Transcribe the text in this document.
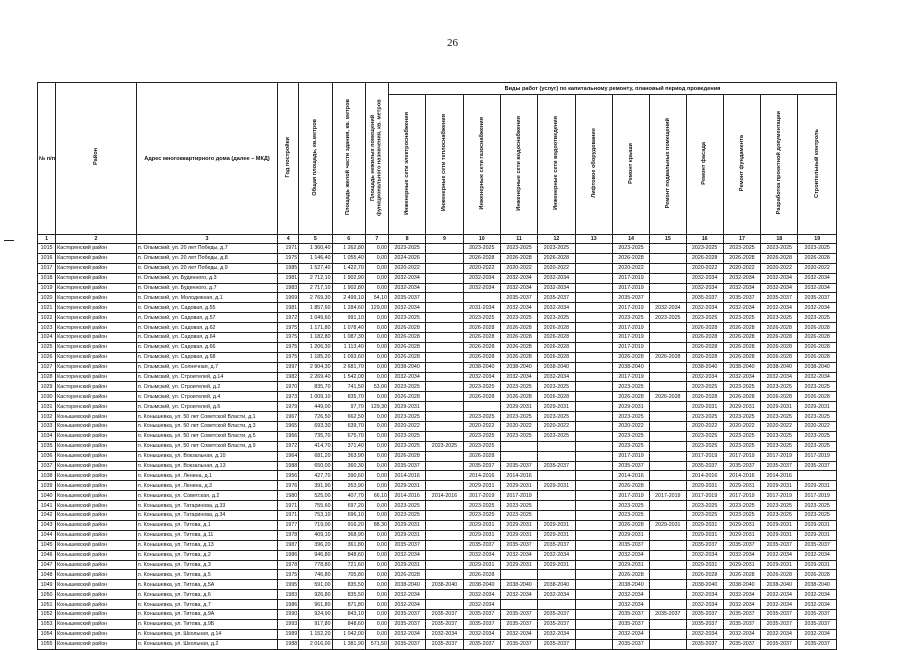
26
№ п/п	Район	Адрес многоквартирного дома (далее – МКД)	Год постройки	Общая площадь, кв.метров	Площадь жилой части здания, кв. метров	Площадь нежилых помещений функционального назначения, кв. метров	Виды работ (услуг) по капитальному ремонту, плановый период проведения											
							Инженерные сети электроснабжения	Инженерные сети теплоснабжения	Инженерные сети газоснабжения	Инженерные сети водоснабжения	Инженерные сети водоотведения	Лифтовое оборудование	Ремонт крыши	Ремонт подвальных помещений	Ремонт фасада	Ремонт фундамента	Разработка проектной документации	Строительный контроль
1	2	3	4	5	6	7	8	9	10	11	12	13	14	15	16	17	18	19
1015	Касторенский район	п. Олымский, ул. 20 лет Победы, д.7	1971	1 360,40	1 262,80	0,00	2023-2025		2023-2025	2023-2025	2023-2025		2023-2025		2023-2025	2023-2025	2023-2025	2023-2025
1016	Касторенский район	п. Олымский, ул. 20 лет Победы, д.8	1975	1 146,40	1 055,40	0,00	2024-2026		2026-2028	2026-2028	2026-2028		2026-2028		2026-2028	2026-2028	2026-2028	2026-2028
1017	Касторенский район	п. Олымский, ул. 20 лет Победы, д.9	1985	1 527,40	1 422,70	0,00	2020-2022		2020-2022	2020-2022	2020-2022		2020-2022		2020-2022	2020-2022	2020-2022	2020-2022
1018	Касторенский район	п. Олымский, ул. Буденного, д.3	1981	2 712,10	1 902,90	0,00	2032-2034		2032-2034	2032-2034	2032-2034		2017-2019		2032-2034	2032-2034	2032-2034	2032-2034
1019	Касторенский район	п. Олымский, ул. Буденного, д.7	1983	2 717,10	1 902,80	0,00	2032-2034		2032-2034	2032-2034	2032-2034		2017-2019		2032-2034	2032-2034	2032-2034	2032-2034
1020	Касторенский район	п. Олымский, ул. Молодежная, д.1	1969	2 769,30	2 499,10	54,10	2035-2037			2035-2037	2035-2037		2035-2037		2035-2037	2035-2037	2035-2037	2035-2037
1021	Касторенский район	п. Олымский, ул. Садовая, д.55	1981	1 857,60	1 284,60	129,00	2032-2034		2031-2034	2032-2034	2032-2034		2017-2019	2032-2034	2032-2034	2032-2034	2032-2034	2032-2034
1022	Касторенский район	п. Олымский, ул. Садовая, д.57	1972	1 049,60	991,10	0,00	2023-2025		2023-2025	2023-2025	2023-2025		2023-2025	2023-2025	2023-2025	2023-2025	2023-2025	2023-2025
1023	Касторенский район	п. Олымский, ул. Садовая, д.62	1975	1 171,80	1 078,40	0,00	2026-2028		2026-2028	2026-2028	2026-2028		2017-2019		2026-2028	2026-2028	2026-2028	2026-2028
1024	Касторенский район	п. Олымский, ул. Садовая, д.64	1975	1 182,80	1 087,30	0,00	2026-2028		2026-2028	2026-2028	2026-2028		2017-2019		2026-2028	2026-2028	2026-2028	2026-2028
1025	Касторенский район	п. Олымский, ул. Садовая, д.66	1975	1 206,30	1 113,40	0,00	2026-2028		2026-2028	2026-2028	2026-2028		2017-2019		2026-2028	2026-2028	2026-2028	2026-2028
1026	Касторенский район	п. Олымский, ул. Садовая, д.68	1975	1 185,20	1 093,60	0,00	2026-2028		2026-2028	2026-2028	2026-2028		2026-2028	2026-2028	2026-2028	2026-2028	2026-2028	2026-2028
1027	Касторенский район	п. Олымский, ул. Солнечная, д.7	1997	2 904,30	2 681,70	0,00	2038-2040		2038-2040	2038-2040	2038-2040		2038-2040		2038-2040	2038-2040	2038-2040	2038-2040
1028	Касторенский район	п. Олымский, ул. Строителей, д.14	1982	2 269,40	1 542,00	0,00	2032-2034		2032-2034	2032-2034	2032-2034		2017-2019		2032-2034	2032-2034	2032-2034	2032-2034
1029	Касторенский район	п. Олымский, ул. Строителей, д.2	1970	835,70	741,50	53,00	2023-2025		2023-2025	2023-2025	2023-2025		2023-2025		2023-2025	2023-2025	2023-2025	2023-2025
1030	Касторенский район	п. Олымский, ул. Строителей, д.4	1973	1 009,10	835,70	0,00	2026-2028		2026-2028	2026-2028	2026-2028		2026-2028	2026-2028	2026-2028	2026-2028	2026-2028	2026-2028
1031	Касторенский район	п. Олымский, ул. Строителей, д.6	1979	449,00	97,70	129,30	2029-2031			2029-2031	2029-2031		2029-2031		2029-2031	2029-2031	2029-2031	2029-2031
1032	Конышевский район	п. Конышевка, ул. 50 лет Советской Власти, д.1	1967	726,50	662,50	0,00	2023-2025		2023-2025	2023-2025	2023-2025		2023-2025		2023-2025	2023-2025	2023-2025	2023-2025
1033	Конышевский район	п. Конышевка, ул. 50 лет Советской Власти, д.3	1965	693,30	639,70	0,00	2020-2022		2020-2022	2020-2022	2020-2022		2020-2022		2020-2022	2020-2022	2020-2022	2020-2022
1034	Конышевский район	п. Конышевка, ул. 50 лет Советской Власти, д.5	1966	735,70	675,70	0,00	2023-2025		2023-2025	2023-2025	2023-2025		2023-2025		2023-2025	2023-2025	2023-2025	2023-2025
1035	Конышевский район	п. Конышевка, ул. 50 лет Советской Власти, д.9	1972	414,70	371,40	0,00	2023-2025	2023-2025	2023-2025				2023-2025		2023-2025	2023-2025	2023-2025	2023-2025
1036	Конышевский район	п. Конышевка, ул. Вокзальная, д.10	1964	681,20	363,90	0,00	2026-2028		2026-2028				2017-2019		2017-2019	2017-2019	2017-2019	2017-2019
1037	Конышевский район	п. Конышевка, ул. Вокзальная, д.13	1988	650,00	360,30	0,00	2035-2037		2035-2037	2035-2037	2035-2037		2035-2037		2035-2037	2035-2037	2035-2037	2035-2037
1038	Конышевский район	п. Конышевка, ул. Ленина, д.1	1956	427,70	390,60	0,00	2014-2016		2014-2016	2014-2016			2014-2016		2014-2016	2014-2016	2014-2016	
1039	Конышевский район	п. Конышевка, ул. Ленина, д.3	1976	391,90	353,90	0,00	2029-2031		2029-2031	2029-2031	2029-2031		2026-2028		2029-2031	2029-2031	2029-2031	2029-2031
1040	Конышевский район	п. Конышевка, ул. Советская, д.2	1980	525,00	407,70	66,10	2014-2016	2014-2016	2017-2019	2017-2019			2017-2019	2017-2019	2017-2019	2017-2019	2017-2019	2017-2019
1041	Конышевский район	п. Конышевка, ул. Татаринова, д.33	1971	755,60	697,20	0,00	2023-2025		2023-2025	2023-2025			2023-2025		2023-2025	2023-2025	2023-2025	2023-2025
1042	Конышевский район	п. Конышевка, ул. Татаринова, д.34	1971	753,10	696,10	0,00	2023-2025		2023-2025	2023-2025			2023-2025		2023-2025	2023-2025	2023-2025	2023-2025
1043	Конышевский район	п. Конышевка, ул. Титова, д.1	1977	719,00	916,20	88,30	2029-2031		2029-2031	2029-2031	2029-2031		2026-2028	2029-2031	2029-2031	2029-2031	2029-2031	2029-2031
1044	Конышевский район	п. Конышевка, ул. Титова, д.11	1978	409,10	368,90	0,00	2029-2031		2029-2031	2029-2031	2029-2031		2029-2031		2029-2031	2029-2031	2029-2031	2029-2031
1045	Конышевский район	п. Конышевка, ул. Титова, д.13	1987	396,20	361,80	0,00	2035-2037		2035-2037	2035-2037	2035-2037		2035-2037		2035-2037	2035-2037	2035-2037	2035-2037
1046	Конышевский район	п. Конышевка, ул. Титова, д.2	1986	946,80	848,60	0,00	2032-2034		2032-2034	2032-2034	2032-2034		2032-2034		2032-2034	2032-2034	2032-2034	2032-2034
1047	Конышевский район	п. Конышевка, ул. Титова, д.3	1978	778,80	721,60	0,00	2029-2031		2029-2031	2029-2031	2029-2031		2029-2031		2029-2031	2029-2031	2029-2031	2029-2031
1048	Конышевский район	п. Конышевка, ул. Титова, д.5	1975	746,80	705,80	0,00	2026-2028		2026-2028				2026-2028		2026-2028	2026-2028	2026-2028	2026-2028
1049	Конышевский район	п. Конышевка, ул. Титова, д.5А	1995	591,00	835,50	0,00	2038-2040	2038-2040	2038-2040	2038-2040	2038-2040		2038-2040		2038-2040	2038-2040	2038-2040	2038-2040
1050	Конышевский район	п. Конышевка, ул. Титова, д.6	1983	926,80	835,50	0,00	2032-2034		2032-2034	2032-2034	2032-2034		2032-2034		2032-2034	2032-2034	2032-2034	2032-2034
1051	Конышевский район	п. Конышевка, ул. Титова, д.7	1986	961,80	871,80	0,00	2032-2034		2032-2034				2032-2034		2032-2034	2032-2034	2032-2034	2032-2034
1052	Конышевский район	п. Конышевка, ул. Титова, д.9А	1990	924,90	843,10	0,00	2035-2037	2035-2037	2035-2037	2035-2037	2035-2037		2035-2037	2035-2037	2035-2037	2035-2037	2035-2037	2035-2037
1053	Конышевский район	п. Конышевка, ул. Титова, д.9Б	1993	917,80	848,60	0,00	2035-2037	2035-2037	2035-2037	2035-2037	2035-2037		2035-2037		2035-2037	2035-2037	2035-2037	2035-2037
1054	Конышевский район	п. Конышевка, ул. Школьная, д.14	1989	1 152,20	1 042,00	0,00	2032-2034	2032-2034	2032-2034	2032-2034	2032-2034		2032-2034		2032-2034	2032-2034	2032-2034	2032-2034
1055	Конышевский район	п. Конышевка, ул. Школьная, д.2	1988	2 016,00	1 381,90	571,50	2035-2037	2035-2037	2035-2037	2035-2037	2035-2037		2035-2037		2035-2037	2035-2037	2035-2037	2035-2037
